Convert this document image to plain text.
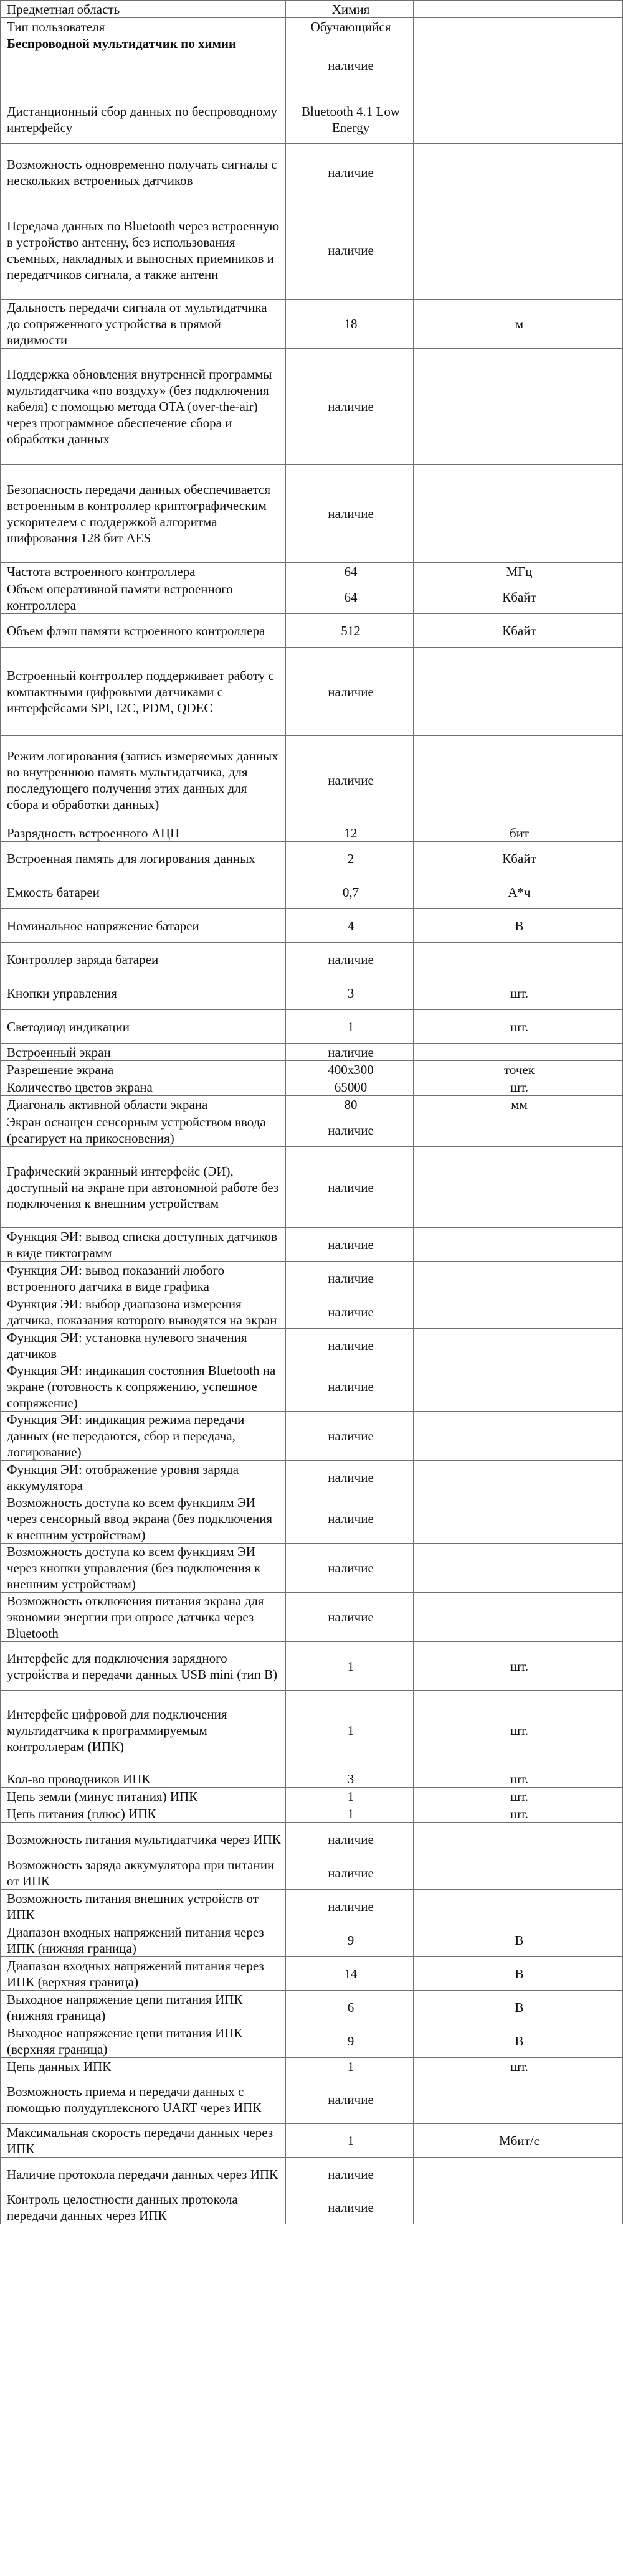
Предметная область	Химия	
Тип пользователя	Обучающийся	
Беспроводной мультидатчик по химии	наличие	
Дистанционный сбор данных по беспроводному интерфейсу	Bluetooth 4.1 Low Energy	
Возможность одновременно получать сигналы с нескольких встроенных датчиков	наличие	
Передача данных по Bluetooth через встроенную в устройство антенну, без использования съемных, накладных и выносных приемников и передатчиков сигнала, а также антенн	наличие	
Дальность передачи сигнала от мультидатчика до сопряженного устройства в прямой видимости	18	м
Поддержка обновления внутренней программы мультидатчика «по воздуху» (без подключения кабеля) с помощью метода OTA (over-the-air) через программное обеспечение сбора и обработки данных	наличие	
Безопасность передачи данных обеспечивается встроенным в контроллер криптографическим ускорителем с поддержкой алгоритма шифрования 128 бит AES	наличие	
Частота встроенного контроллера	64	МГц
Объем оперативной памяти встроенного контроллера	64	Кбайт
Объем флэш памяти встроенного контроллера	512	Кбайт
Встроенный контроллер поддерживает работу с компактными цифровыми датчиками с интерфейсами SPI, I2C, PDM, QDEC	наличие	
Режим логирования (запись измеряемых данных во внутреннюю память мультидатчика, для последующего получения этих данных для сбора и обработки данных)	наличие	
Разрядность встроенного АЦП	12	бит
Встроенная память для логирования данных	2	Кбайт
Емкость батареи	0,7	А*ч
Номинальное напряжение батареи	4	В
Контроллер заряда батареи	наличие	
Кнопки управления	3	шт.
Светодиод индикации	1	шт.
Встроенный экран	наличие	
Разрешение экрана	400x300	точек
Количество цветов экрана	65000	шт.
Диагональ активной области экрана	80	мм
Экран оснащен сенсорным устройством ввода (реагирует на прикосновения)	наличие	
Графический экранный интерфейс (ЭИ), доступный на экране при автономной работе без подключения к внешним устройствам	наличие	
Функция ЭИ: вывод списка доступных датчиков в виде пиктограмм	наличие	
Функция ЭИ: вывод показаний любого встроенного датчика в виде графика	наличие	
Функция ЭИ: выбор диапазона измерения датчика, показания которого выводятся на экран	наличие	
Функция ЭИ: установка нулевого значения датчиков	наличие	
Функция ЭИ: индикация состояния Bluetooth на экране (готовность к сопряжению, успешное сопряжение)	наличие	
Функция ЭИ: индикация режима передачи данных (не передаются, сбор и передача, логирование)	наличие	
Функция ЭИ: отображение уровня заряда аккумулятора	наличие	
Возможность доступа ко всем функциям ЭИ через сенсорный ввод экрана (без подключения к внешним устройствам)	наличие	
Возможность доступа ко всем функциям ЭИ через кнопки управления (без подключения к внешним устройствам)	наличие	
Возможность отключения питания экрана для экономии энергии при опросе датчика через Bluetooth	наличие	
Интерфейс для подключения зарядного устройства и передачи данных USB mini (тип В)	1	шт.
Интерфейс цифровой для подключения мультидатчика к программируемым контроллерам (ИПК)	1	шт.
Кол-во проводников ИПК	3	шт.
Цепь земли (минус питания) ИПК	1	шт.
Цепь питания (плюс) ИПК	1	шт.
Возможность питания мультидатчика через ИПК	наличие	
Возможность заряда аккумулятора при питании от ИПК	наличие	
Возможность питания внешних устройств от ИПК	наличие	
Диапазон входных напряжений питания через ИПК (нижняя граница)	9	В
Диапазон входных напряжений питания через ИПК (верхняя граница)	14	В
Выходное напряжение цепи питания ИПК (нижняя граница)	6	В
Выходное напряжение цепи питания ИПК (верхняя граница)	9	В
Цепь данных ИПК	1	шт.
Возможность приема и передачи данных с помощью полудуплексного UART через ИПК	наличие	
Максимальная скорость передачи данных через ИПК	1	Мбит/с
Наличие протокола передачи данных через ИПК	наличие	
Контроль целостности данных протокола передачи данных через ИПК	наличие	
